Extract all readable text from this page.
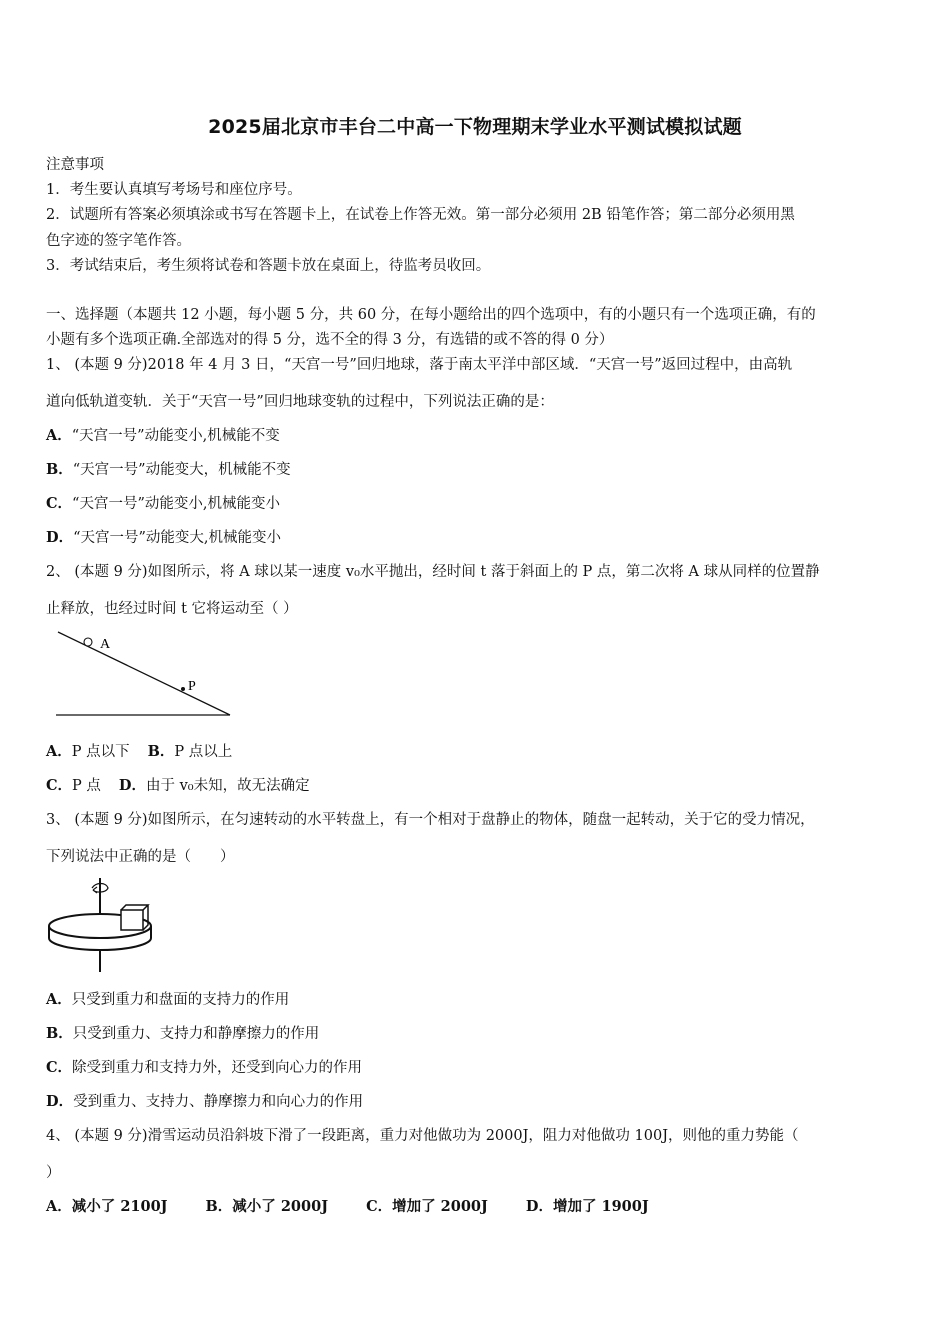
2025届北京市丰台二中高一下物理期末学业水平测试模拟试题
注意事项
1．考生要认真填写考场号和座位序号。
2．试题所有答案必须填涂或书写在答题卡上，在试卷上作答无效。第一部分必须用 2B 铅笔作答；第二部分必须用黑
色字迹的签字笔作答。
3．考试结束后，考生须将试卷和答题卡放在桌面上，待监考员收回。
一、选择题（本题共 12 小题，每小题 5 分，共 60 分，在每小题给出的四个选项中，有的小题只有一个选项正确，有的
小题有多个选项正确.全部选对的得 5 分，选不全的得 3 分，有选错的或不答的得 0 分）
1、 (本题 9 分)2018 年 4 月 3 日，“天宫一号”回归地球，落于南太平洋中部区域．“天宫一号”返回过程中，由高轨
道向低轨道变轨．关于“天宫一号”回归地球变轨的过程中，下列说法正确的是：
A．“天宫一号”动能变小,机械能不变
B．“天宫一号”动能变大，机械能不变
C．“天宫一号”动能变小,机械能变小
D．“天宫一号”动能变大,机械能变小
2、 (本题 9 分)如图所示，将 A 球以某一速度 v₀水平抛出，经时间 t 落于斜面上的 P 点，第二次将 A 球从同样的位置静
止释放，也经过时间 t 它将运动至（ ）
A
P
A．P 点以下 B．P 点以上
C．P 点 D．由于 v₀未知，故无法确定
3、 (本题 9 分)如图所示，在匀速转动的水平转盘上，有一个相对于盘静止的物体，随盘一起转动，关于它的受力情况，
下列说法中正确的是（　　）
A．只受到重力和盘面的支持力的作用
B．只受到重力、支持力和静摩擦力的作用
C．除受到重力和支持力外，还受到向心力的作用
D．受到重力、支持力、静摩擦力和向心力的作用
4、 (本题 9 分)滑雪运动员沿斜坡下滑了一段距离，重力对他做功为 2000J，阻力对他做功 100J，则他的重力势能（
）
A．减小了 2100J	B．减小了 2000J	C．增加了 2000J	D．增加了 1900J
